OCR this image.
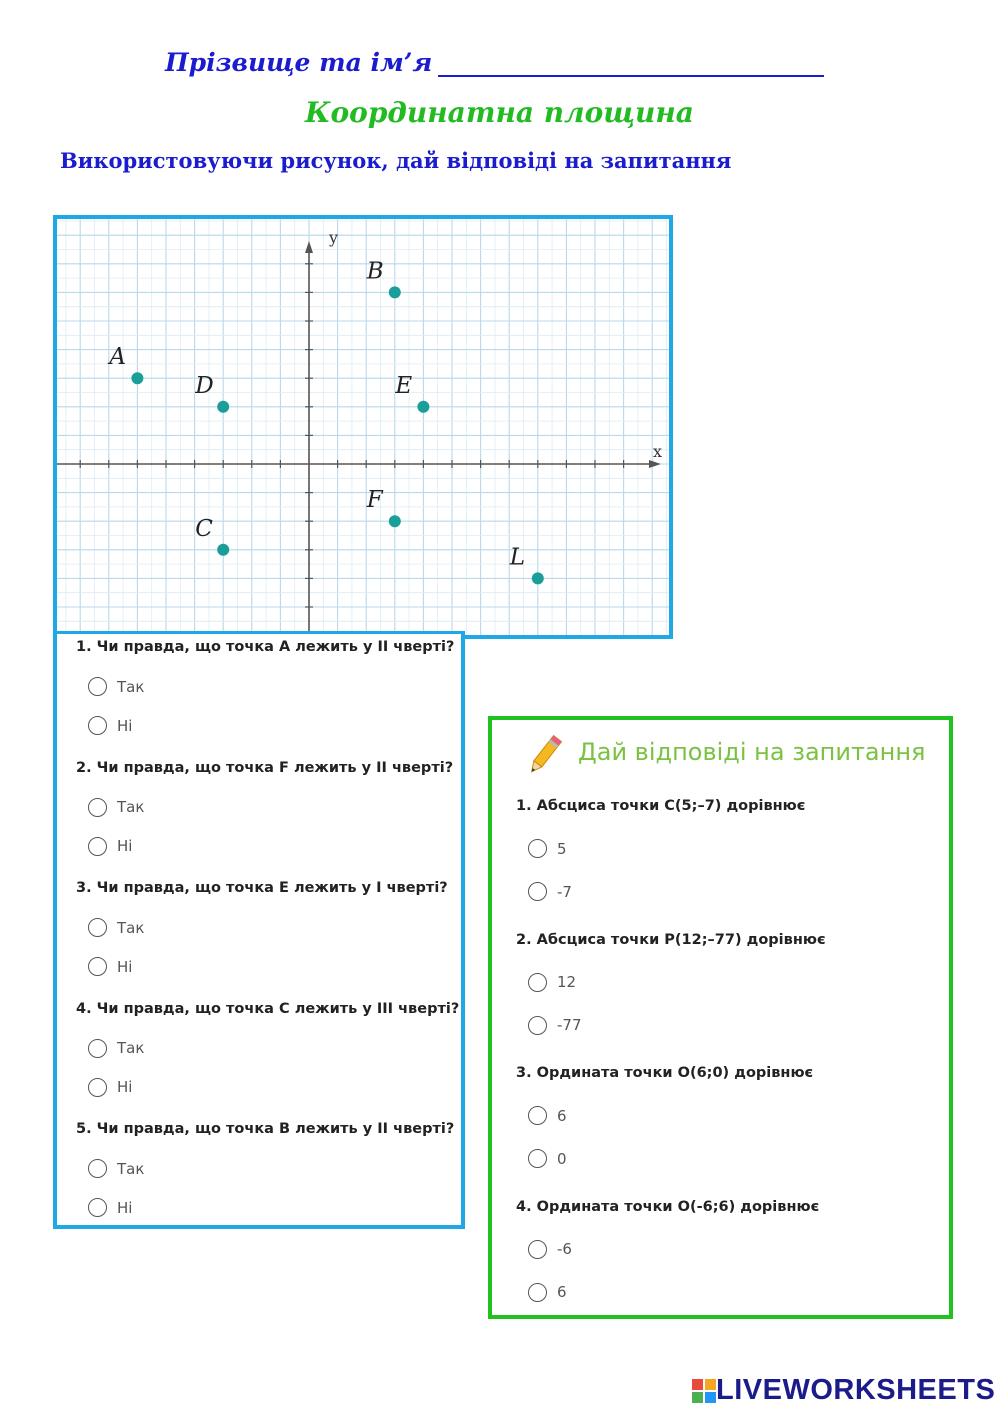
Прізвище та ім’я
Координатна площина
Використовуючи рисунок, дай відповіді на запитання
x
y
A
B
D	E
C
F
L
1. Чи правда, що точка А лежить у ІІ чверті?
Так
Ні
2. Чи правда, що точка F лежить у ІІ чверті?
Так
Ні
3. Чи правда, що точка Е лежить у І чверті?
Так
Ні
4. Чи правда, що точка С лежить у ІІІ чверті?
Так
Ні
5. Чи правда, що точка В лежить у ІІ чверті?
Так
Ні
Дай відповіді на запитання
1. Абсциса точки С(5;–7) дорівнює
5
-7
2. Абсциса точки Р(12;–77) дорівнює
12
-77
3. Ордината точки О(6;0) дорівнює
6
0
4. Ордината точки О(-6;6) дорівнює
-6
6
LIVEWORKSHEETS
